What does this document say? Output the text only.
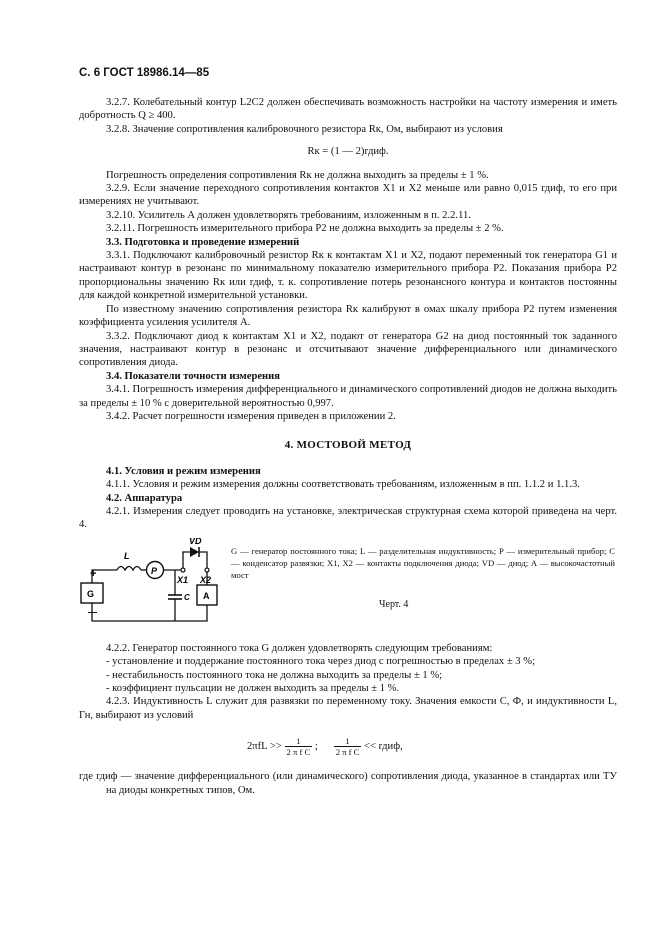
С. 6 ГОСТ 18986.14—85

3.2.7. Колебательный контур L2C2 должен обеспечивать возможность настройки на частоту измерения и иметь добротность Q ≥ 400.

3.2.8. Значение сопротивления калибровочного резистора Rк, Ом, выбирают из условия

Rк = (1 — 2)rдиф.

Погрешность определения сопротивления Rк не должна выходить за пределы ± 1 %.

3.2.9. Если значение переходного сопротивления контактов X1 и X2 меньше или равно 0,015 rдиф, то его при измерениях не учитывают.

3.2.10. Усилитель A должен удовлетворять требованиям, изложенным в п. 2.2.11.

3.2.11. Погрешность измерительного прибора P2 не должна выходить за пределы ± 2 %.

3.3. Подготовка и проведение измерений

3.3.1. Подключают калибровочный резистор Rк к контактам X1 и X2, подают переменный ток генератора G1 и настраивают контур в резонанс по минимальному показателю измерительного прибора P2. Показания прибора P2 пропорциональны значению Rк или rдиф, т. к. сопротивление потерь резонансного контура и контактов постоянны для каждой конкретной измерительной установки.

По известному значению сопротивления резистора Rк калибруют в омах шкалу прибора P2 путем изменения коэффициента усиления усилителя A.

3.3.2. Подключают диод к контактам X1 и X2, подают от генератора G2 на диод постоянный ток заданного значения, настраивают контур в резонанс и отсчитывают значение дифференциального или динамического сопротивления диода.

3.4. Показатели точности измерения

3.4.1. Погрешность измерения дифференциального и динамического сопротивлений диодов не должна выходить за пределы ± 10 % с доверительной вероятностью 0,997.

3.4.2. Расчет погрешности измерения приведен в приложении 2.

4. МОСТОВОЙ МЕТОД

4.1. Условия и режим измерения

4.1.1. Условия и режим измерения должны соответствовать требованиям, изложенным в пп. 1.1.2 и 1.1.3.

4.2. Аппаратура

4.2.1. Измерения следует проводить на установке, электрическая структурная схема которой приведена на черт. 4.

G
+
—
L
P
X1 X2
VD
C A
G — генератор постоянного тока; L — разделительная индуктивность; P — измерительный прибор; C — конденсатор развязки; X1, X2 — контакты подключения диода; VD — диод; A — высокочастотный мост
Черт. 4

4.2.2. Генератор постоянного тока G должен удовлетворять следующим требованиям:

- установление и поддержание постоянного тока через диод с погрешностью в пределах ± 3 %;

- нестабильность постоянного тока не должна выходить за пределы ± 1 %;

- коэффициент пульсации не должен выходить за пределы ± 1 %.

4.2.3. Индуктивность L служит для развязки по переменному току. Значения емкости C, Ф, и индуктивности L, Гн, выбирают из условий

$2\pi fL >> \frac{1}{\text{2 π f C}}$ ; $\frac{1}{\text{2 π f C}}$ << rдиф,

где rдиф — значение дифференциального (или динамического) сопротивления диода, указанное в стандартах или ТУ на диоды конкретных типов, Ом.
